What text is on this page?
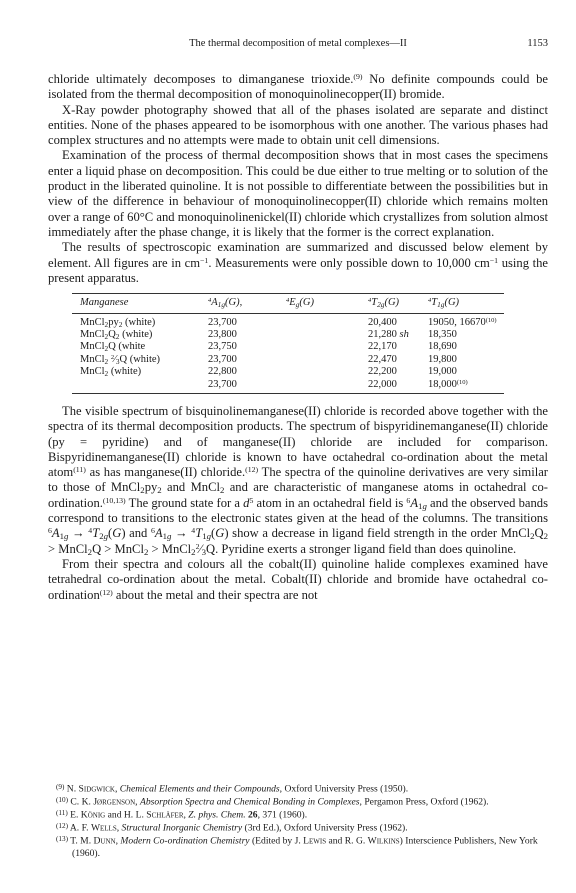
The thermal decomposition of metal complexes—II	1153

chloride ultimately decomposes to dimanganese trioxide.$^{(9)}$ No definite compounds could be isolated from the thermal decomposition of monoquinolinecopper(II) bromide.

X-Ray powder photography showed that all of the phases isolated are separate and distinct entities. None of the phases appeared to be isomorphous with one another. The various phases had complex structures and no attempts were made to obtain unit cell dimensions.

Examination of the process of thermal decomposition shows that in most cases the specimens enter a liquid phase on decomposition. This could be due either to true melting or to solution of the product in the liberated quinoline. It is not possible to differentiate between the possibilities but in view of the difference in behaviour of monoquinolinecopper(II) chloride which remains molten over a range of 60°C and monoquinolinenickel(II) chloride which crystallizes from solution almost immediately after the phase change, it is likely that the former is the correct explanation.

The results of spectroscopic examination are summarized and discussed below element by element. All figures are in $cm^{-1}$. Measurements were only possible down to 10,000 $cm^{-1}$ using the present apparatus.

Manganese	$^4A_{1g}(G)$,	$^4E_g(G)$	$^4T_{2g}(G)$	$^4T_{1g}(G)$
$MnCl_2py_2$ (white)	23,700		20,400	19050, 16670$^{(10)}$
$MnCl_2Q_2$ (white)	23,800		21,280 sh	18,350
MnCl$_2$Q (white	23,750		22,170	18,690
MnCl$_2$ $^2⁄_3Q$ (white)	23,700		22,470	19,800
MnCl$_2$ (white)	22,800		22,200	19,000
	23,700		22,000	18,000$^{(10)}$

The visible spectrum of bisquinolinemanganese(II) chloride is recorded above together with the spectra of its thermal decomposition products. The spectrum of bispyridinemanganese(II) chloride (py = pyridine) and of manganese(II) chloride are included for comparison. Bispyridinemanganese(II) chloride is known to have octahedral co-ordination about the metal atom$^{(11)}$ as has manganese(II) chloride.$^{(12)}$ The spectra of the quinoline derivatives are very similar to those of $MnCl_2py_2$ and MnCl$_2$ and are characteristic of manganese atoms in octahedral co-ordination.$^{(10,13)}$ The ground state for a $d^5$ atom in an octahedral field is $^6A_{1g}$ and the observed bands correspond to transitions to the electronic states given at the head of the columns. The transitions $^6A_{1g} \to ^4T_{2g}(G)$ and $^6A_{1g} \to ^4T_{1g}(G)$ show a decrease in ligand field strength in the order $MnCl_2Q_2$ > MnCl$_2$Q > MnCl$_2$ > $MnCl_2^2⁄_3Q$. Pyridine exerts a stronger ligand field than does quinoline.

From their spectra and colours all the cobalt(II) quinoline halide complexes examined have tetrahedral co-ordination about the metal. Cobalt(II) chloride and bromide have octahedral co-ordination$^{(12)}$ about the metal and their spectra are not

$^{(9)}$ N. Sidgwick, Chemical Elements and their Compounds, Oxford University Press (1950).

$^{(10)}$ C. K. Jørgenson, Absorption Spectra and Chemical Bonding in Complexes, Pergamon Press, Oxford (1962).

$^{(11)}$ E. König and H. L. Schläfer, Z. phys. Chem. 26, 371 (1960).

$^{(12)}$ A. F. Wells, Structural Inorganic Chemistry (3rd Ed.), Oxford University Press (1962).

$^{(13)}$ T. M. Dunn, Modern Co-ordination Chemistry (Edited by J. Lewis and R. G. Wilkins) Interscience Publishers, New York (1960).
